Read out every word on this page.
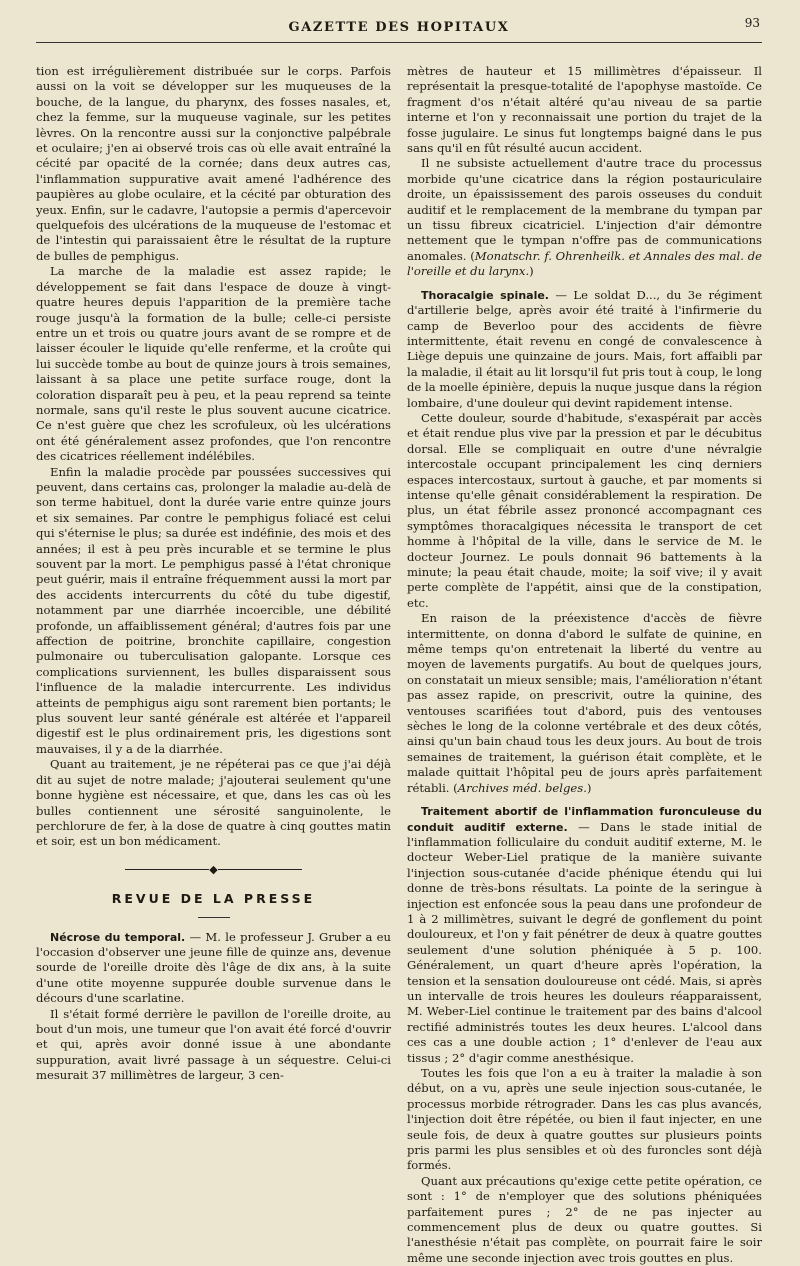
GAZETTE DES HOPITAUX	93

tion est irrégulièrement distribuée sur le corps. Parfois aussi on la voit se développer sur les muqueuses de la bouche, de la langue, du pharynx, des fosses nasales, et, chez la femme, sur la muqueuse vaginale, sur les petites lèvres. On la rencontre aussi sur la conjonctive palpébrale et oculaire; j'en ai observé trois cas où elle avait entraîné la cécité par opacité de la cornée; dans deux autres cas, l'inflammation suppurative avait amené l'adhérence des paupières au globe oculaire, et la cécité par obturation des yeux. Enfin, sur le cadavre, l'autopsie a permis d'apercevoir quelquefois des ulcérations de la muqueuse de l'estomac et de l'intestin qui paraissaient être le résultat de la rupture de bulles de pemphigus.

La marche de la maladie est assez rapide; le développement se fait dans l'espace de douze à vingt-quatre heures depuis l'apparition de la première tache rouge jusqu'à la formation de la bulle; celle-ci persiste entre un et trois ou quatre jours avant de se rompre et de laisser écouler le liquide qu'elle renferme, et la croûte qui lui succède tombe au bout de quinze jours à trois semaines, laissant à sa place une petite surface rouge, dont la coloration disparaît peu à peu, et la peau reprend sa teinte normale, sans qu'il reste le plus souvent aucune cicatrice. Ce n'est guère que chez les scrofuleux, où les ulcérations ont été généralement assez profondes, que l'on rencontre des cicatrices réellement indélébiles.

Enfin la maladie procède par poussées successives qui peuvent, dans certains cas, prolonger la maladie au-delà de son terme habituel, dont la durée varie entre quinze jours et six semaines. Par contre le pemphigus foliacé est celui qui s'éternise le plus; sa durée est indéfinie, des mois et des années; il est à peu près incurable et se termine le plus souvent par la mort. Le pemphigus passé à l'état chronique peut guérir, mais il entraîne fréquemment aussi la mort par des accidents intercurrents du côté du tube digestif, notamment par une diarrhée incoercible, une débilité profonde, un affaiblissement général; d'autres fois par une affection de poitrine, bronchite capillaire, congestion pulmonaire ou tuberculisation galopante. Lorsque ces complications surviennent, les bulles disparaissent sous l'influence de la maladie intercurrente. Les individus atteints de pemphigus aigu sont rarement bien portants; le plus souvent leur santé générale est altérée et l'appareil digestif est le plus ordinairement pris, les digestions sont mauvaises, il y a de la diarrhée.

Quant au traitement, je ne répéterai pas ce que j'ai déjà dit au sujet de notre malade; j'ajouterai seulement qu'une bonne hygiène est nécessaire, et que, dans les cas où les bulles contiennent une sérosité sanguinolente, le perchlorure de fer, à la dose de quatre à cinq gouttes matin et soir, est un bon médicament.

◆
REVUE DE LA PRESSE

Nécrose du temporal. — M. le professeur J. Gruber a eu l'occasion d'observer une jeune fille de quinze ans, devenue sourde de l'oreille droite dès l'âge de dix ans, à la suite d'une otite moyenne suppurée double survenue dans le décours d'une scarlatine.

Il s'était formé derrière le pavillon de l'oreille droite, au bout d'un mois, une tumeur que l'on avait été forcé d'ouvrir et qui, après avoir donné issue à une abondante suppuration, avait livré passage à un séquestre. Celui-ci mesurait 37 millimètres de largeur, 3 cen-

mètres de hauteur et 15 millimètres d'épaisseur. Il représentait la presque-totalité de l'apophyse mastoïde. Ce fragment d'os n'était altéré qu'au niveau de sa partie interne et l'on y reconnaissait une portion du trajet de la fosse jugulaire. Le sinus fut longtemps baigné dans le pus sans qu'il en fût résulté aucun accident.

Il ne subsiste actuellement d'autre trace du processus morbide qu'une cicatrice dans la région postauriculaire droite, un épaississement des parois osseuses du conduit auditif et le remplacement de la membrane du tympan par un tissu fibreux cicatriciel. L'injection d'air démontre nettement que le tympan n'offre pas de communications anomales. (Monatschr. f. Ohrenheilk. et Annales des mal. de l'oreille et du larynx.)

Thoracalgie spinale. — Le soldat D..., du 3e régiment d'artillerie belge, après avoir été traité à l'infirmerie du camp de Beverloo pour des accidents de fièvre intermittente, était revenu en congé de convalescence à Liège depuis une quinzaine de jours. Mais, fort affaibli par la maladie, il était au lit lorsqu'il fut pris tout à coup, le long de la moelle épinière, depuis la nuque jusque dans la région lombaire, d'une douleur qui devint rapidement intense.

Cette douleur, sourde d'habitude, s'exaspérait par accès et était rendue plus vive par la pression et par le décubitus dorsal. Elle se compliquait en outre d'une névralgie intercostale occupant principalement les cinq derniers espaces intercostaux, surtout à gauche, et par moments si intense qu'elle gênait considérablement la respiration. De plus, un état fébrile assez prononcé accompagnant ces symptômes thoracalgiques nécessita le transport de cet homme à l'hôpital de la ville, dans le service de M. le docteur Journez. Le pouls donnait 96 battements à la minute; la peau était chaude, moite; la soif vive; il y avait perte complète de l'appétit, ainsi que de la constipation, etc.

En raison de la préexistence d'accès de fièvre intermittente, on donna d'abord le sulfate de quinine, en même temps qu'on entretenait la liberté du ventre au moyen de lavements purgatifs. Au bout de quelques jours, on constatait un mieux sensible; mais, l'amélioration n'étant pas assez rapide, on prescrivit, outre la quinine, des ventouses scarifiées tout d'abord, puis des ventouses sèches le long de la colonne vertébrale et des deux côtés, ainsi qu'un bain chaud tous les deux jours. Au bout de trois semaines de traitement, la guérison était complète, et le malade quittait l'hôpital peu de jours après parfaitement rétabli. (Archives méd. belges.)

Traitement abortif de l'inflammation furonculeuse du conduit auditif externe. — Dans le stade initial de l'inflammation folliculaire du conduit auditif externe, M. le docteur Weber-Liel pratique de la manière suivante l'injection sous-cutanée d'acide phénique étendu qui lui donne de très-bons résultats. La pointe de la seringue à injection est enfoncée sous la peau dans une profondeur de 1 à 2 millimètres, suivant le degré de gonflement du point douloureux, et l'on y fait pénétrer de deux à quatre gouttes seulement d'une solution phéniquée à 5 p. 100. Généralement, un quart d'heure après l'opération, la tension et la sensation douloureuse ont cédé. Mais, si après un intervalle de trois heures les douleurs réapparaissent, M. Weber-Liel continue le traitement par des bains d'alcool rectifié administrés toutes les deux heures. L'alcool dans ces cas a une double action ; 1° d'enlever de l'eau aux tissus ; 2° d'agir comme anesthésique.

Toutes les fois que l'on a eu à traiter la maladie à son début, on a vu, après une seule injection sous-cutanée, le processus morbide rétrograder. Dans les cas plus avancés, l'injection doit être répétée, ou bien il faut injecter, en une seule fois, de deux à quatre gouttes sur plusieurs points pris parmi les plus sensibles et où des furoncles sont déjà formés.

Quant aux précautions qu'exige cette petite opération, ce sont : 1° de n'employer que des solutions phéniquées parfaitement pures ; 2° de ne pas injecter au commencement plus de deux ou quatre gouttes. Si l'anesthésie n'était pas complète, on pourrait faire le soir même une seconde injection avec trois gouttes en plus.
